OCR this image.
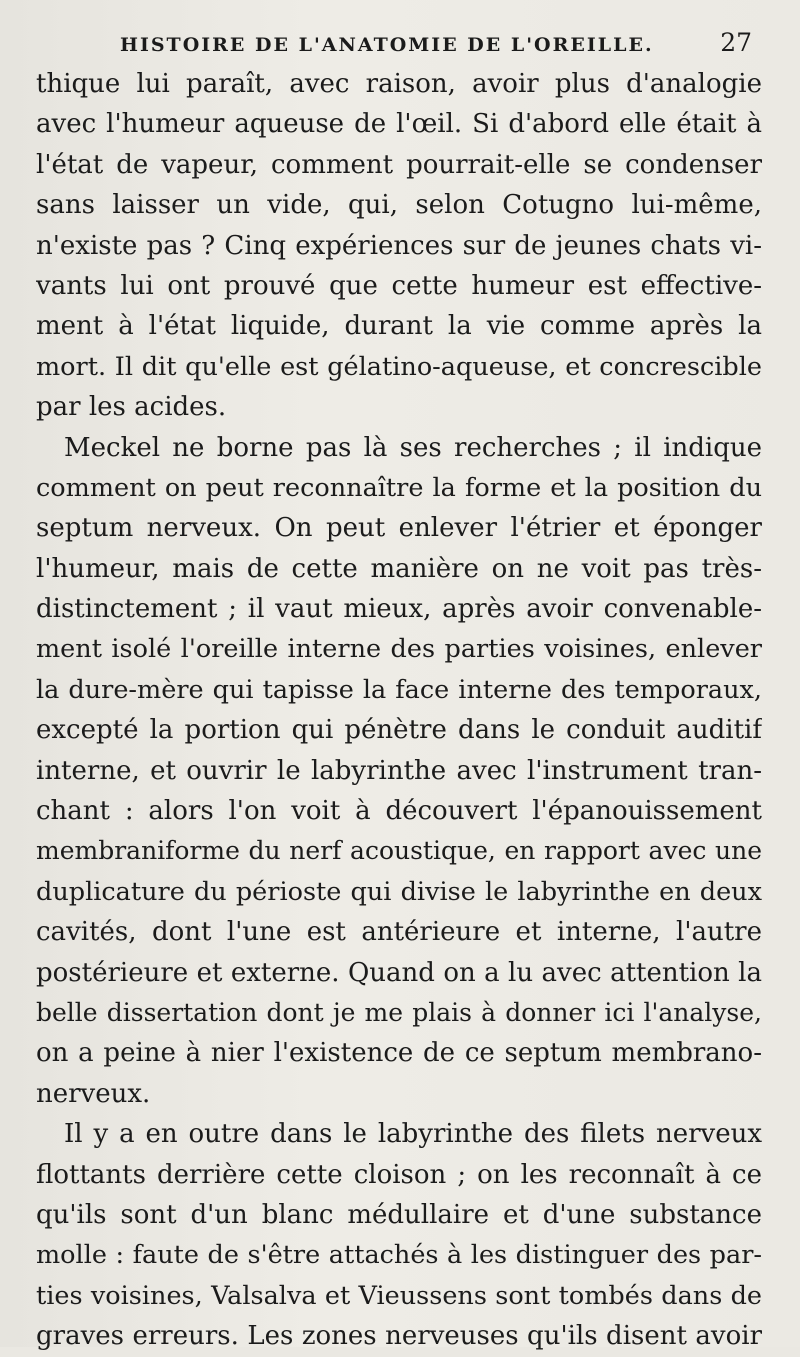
HISTOIRE DE L'ANATOMIE DE L'OREILLE.	27
thique lui paraît, avec raison, avoir plus d'analogie
avec l'humeur aqueuse de l'œil. Si d'abord elle était à
l'état de vapeur, comment pourrait-elle se condenser
sans laisser un vide, qui, selon Cotugno lui-même,
n'existe pas ? Cinq expériences sur de jeunes chats vi-
vants lui ont prouvé que cette humeur est effective-
ment à l'état liquide, durant la vie comme après la
mort. Il dit qu'elle est gélatino-aqueuse, et concrescible
par les acides.
Meckel ne borne pas là ses recherches ; il indique
comment on peut reconnaître la forme et la position du
septum nerveux. On peut enlever l'étrier et éponger
l'humeur, mais de cette manière on ne voit pas très-
distinctement ; il vaut mieux, après avoir convenable-
ment isolé l'oreille interne des parties voisines, enlever
la dure-mère qui tapisse la face interne des temporaux,
excepté la portion qui pénètre dans le conduit auditif
interne, et ouvrir le labyrinthe avec l'instrument tran-
chant : alors l'on voit à découvert l'épanouissement
membraniforme du nerf acoustique, en rapport avec une
duplicature du périoste qui divise le labyrinthe en deux
cavités, dont l'une est antérieure et interne, l'autre
postérieure et externe. Quand on a lu avec attention la
belle dissertation dont je me plais à donner ici l'analyse,
on a peine à nier l'existence de ce septum membrano-
nerveux.
Il y a en outre dans le labyrinthe des filets nerveux
flottants derrière cette cloison ; on les reconnaît à ce
qu'ils sont d'un blanc médullaire et d'une substance
molle : faute de s'être attachés à les distinguer des par-
ties voisines, Valsalva et Vieussens sont tombés dans de
graves erreurs. Les zones nerveuses qu'ils disent avoir
